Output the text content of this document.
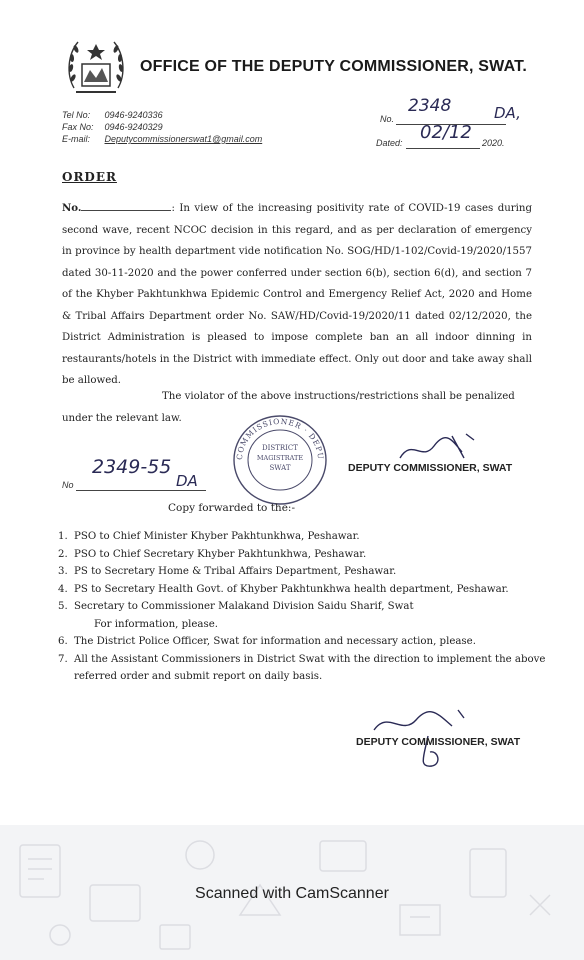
OFFICE OF THE DEPUTY COMMISSIONER, SWAT.
Tel No: 0946-9240336
Fax No: 0946-9240329
E-mail: Deputycommissionerswat1@gmail.com
No.
2348	DA,
Dated: 02/12 2020.
ORDER
No.	: In view of the increasing positivity rate of COVID-19 cases during second wave, recent NCOC decision in this regard, and as per declaration of emergency in province by health department vide notification No. SOG/HD/1-102/Covid-19/2020/1557 dated 30-11-2020 and the power conferred under section 6(b), section 6(d), and section 7 of the Khyber Pakhtunkhwa Epidemic Control and Emergency Relief Act, 2020 and Home & Tribal Affairs Department order No. SAW/HD/Covid-19/2020/11 dated 02/12/2020, the District Administration is pleased to impose complete ban an all indoor dinning in restaurants/hotels in the District with immediate effect. Only out door and take away shall be allowed.
The violator of the above instructions/restrictions shall be penalized under the relevant law.
COMMISSIONER · DEPU
DISTRICT
MAGISTRATE
SWAT	DEPUTY COMMISSIONER, SWAT
No
2349-55
DA
Copy forwarded to the:-
1. PSO to Chief Minister Khyber Pakhtunkhwa, Peshawar.
2. PSO to Chief Secretary Khyber Pakhtunkhwa, Peshawar.
3. PS to Secretary Home & Tribal Affairs Department, Peshawar.
4. PS to Secretary Health Govt. of Khyber Pakhtunkhwa health department, Peshawar.
5. Secretary to Commissioner Malakand Division Saidu Sharif, Swat
For information, please.
6. The District Police Officer, Swat for information and necessary action, please.
7. All the Assistant Commissioners in District Swat with the direction to implement the above referred order and submit report on daily basis.
DEPUTY COMMISSIONER, SWAT
Scanned with CamScanner
